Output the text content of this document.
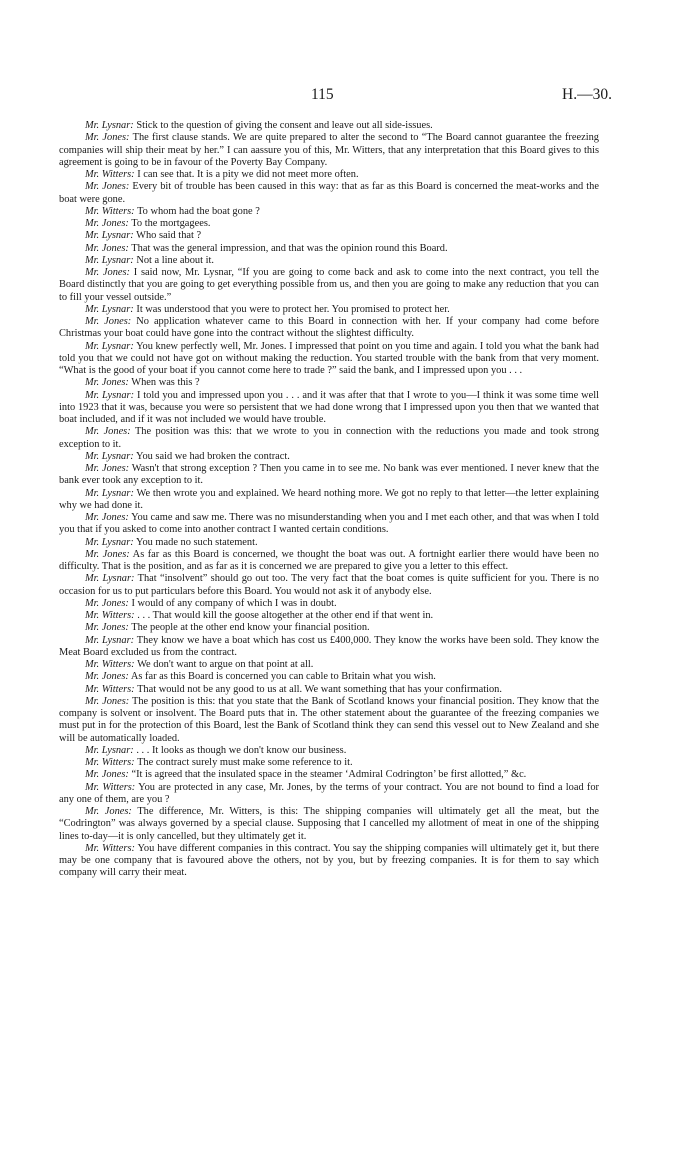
115	H.—30.

Mr. Lysnar: Stick to the question of giving the consent and leave out all side-issues.

Mr. Jones: The first clause stands. We are quite prepared to alter the second to “The Board cannot guarantee the freezing companies will ship their meat by her.” I can aassure you of this, Mr. Witters, that any interpretation that this Board gives to this agreement is going to be in favour of the Poverty Bay Company.

Mr. Witters: I can see that. It is a pity we did not meet more often.

Mr. Jones: Every bit of trouble has been caused in this way: that as far as this Board is concerned the meat-works and the boat were gone.

Mr. Witters: To whom had the boat gone ?

Mr. Jones: To the mortgagees.

Mr. Lysnar: Who said that ?

Mr. Jones: That was the general impression, and that was the opinion round this Board.

Mr. Lysnar: Not a line about it.

Mr. Jones: I said now, Mr. Lysnar, “If you are going to come back and ask to come into the next contract, you tell the Board distinctly that you are going to get everything possible from us, and then you are going to make any reduction that you can to fill your vessel outside.”

Mr. Lysnar: It was understood that you were to protect her. You promised to protect her.

Mr. Jones: No application whatever came to this Board in connection with her. If your company had come before Christmas your boat could have gone into the contract without the slightest difficulty.

Mr. Lysnar: You knew perfectly well, Mr. Jones. I impressed that point on you time and again. I told you what the bank had told you that we could not have got on without making the reduction. You started trouble with the bank from that very moment. “What is the good of your boat if you cannot come here to trade ?” said the bank, and I impressed upon you . . .

Mr. Jones: When was this ?

Mr. Lysnar: I told you and impressed upon you . . . and it was after that that I wrote to you—I think it was some time well into 1923 that it was, because you were so persistent that we had done wrong that I impressed upon you then that we wanted that boat included, and if it was not included we would have trouble.

Mr. Jones: The position was this: that we wrote to you in connection with the reductions you made and took strong exception to it.

Mr. Lysnar: You said we had broken the contract.

Mr. Jones: Wasn't that strong exception ? Then you came in to see me. No bank was ever mentioned. I never knew that the bank ever took any exception to it.

Mr. Lysnar: We then wrote you and explained. We heard nothing more. We got no reply to that letter—the letter explaining why we had done it.

Mr. Jones: You came and saw me. There was no misunderstanding when you and I met each other, and that was when I told you that if you asked to come into another contract I wanted certain conditions.

Mr. Lysnar: You made no such statement.

Mr. Jones: As far as this Board is concerned, we thought the boat was out. A fortnight earlier there would have been no difficulty. That is the position, and as far as it is concerned we are prepared to give you a letter to this effect.

Mr. Lysnar: That “insolvent” should go out too. The very fact that the boat comes is quite sufficient for you. There is no occasion for us to put particulars before this Board. You would not ask it of anybody else.

Mr. Jones: I would of any company of which I was in doubt.

Mr. Witters: . . . That would kill the goose altogether at the other end if that went in.

Mr. Jones: The people at the other end know your financial position.

Mr. Lysnar: They know we have a boat which has cost us £400,000. They know the works have been sold. They know the Meat Board excluded us from the contract.

Mr. Witters: We don't want to argue on that point at all.

Mr. Jones: As far as this Board is concerned you can cable to Britain what you wish.

Mr. Witters: That would not be any good to us at all. We want something that has your confirmation.

Mr. Jones: The position is this: that you state that the Bank of Scotland knows your financial position. They know that the company is solvent or insolvent. The Board puts that in. The other statement about the guarantee of the freezing companies we must put in for the protection of this Board, lest the Bank of Scotland think they can send this vessel out to New Zealand and she will be automatically loaded.

Mr. Lysnar: . . . It looks as though we don't know our business.

Mr. Witters: The contract surely must make some reference to it.

Mr. Jones: “It is agreed that the insulated space in the steamer ‘Admiral Codrington’ be first allotted,” &c.

Mr. Witters: You are protected in any case, Mr. Jones, by the terms of your contract. You are not bound to find a load for any one of them, are you ?

Mr. Jones: The difference, Mr. Witters, is this: The shipping companies will ultimately get all the meat, but the “Codrington” was always governed by a special clause. Supposing that I cancelled my allotment of meat in one of the shipping lines to-day—it is only cancelled, but they ultimately get it.

Mr. Witters: You have different companies in this contract. You say the shipping companies will ultimately get it, but there may be one company that is favoured above the others, not by you, but by freezing companies. It is for them to say which company will carry their meat.
